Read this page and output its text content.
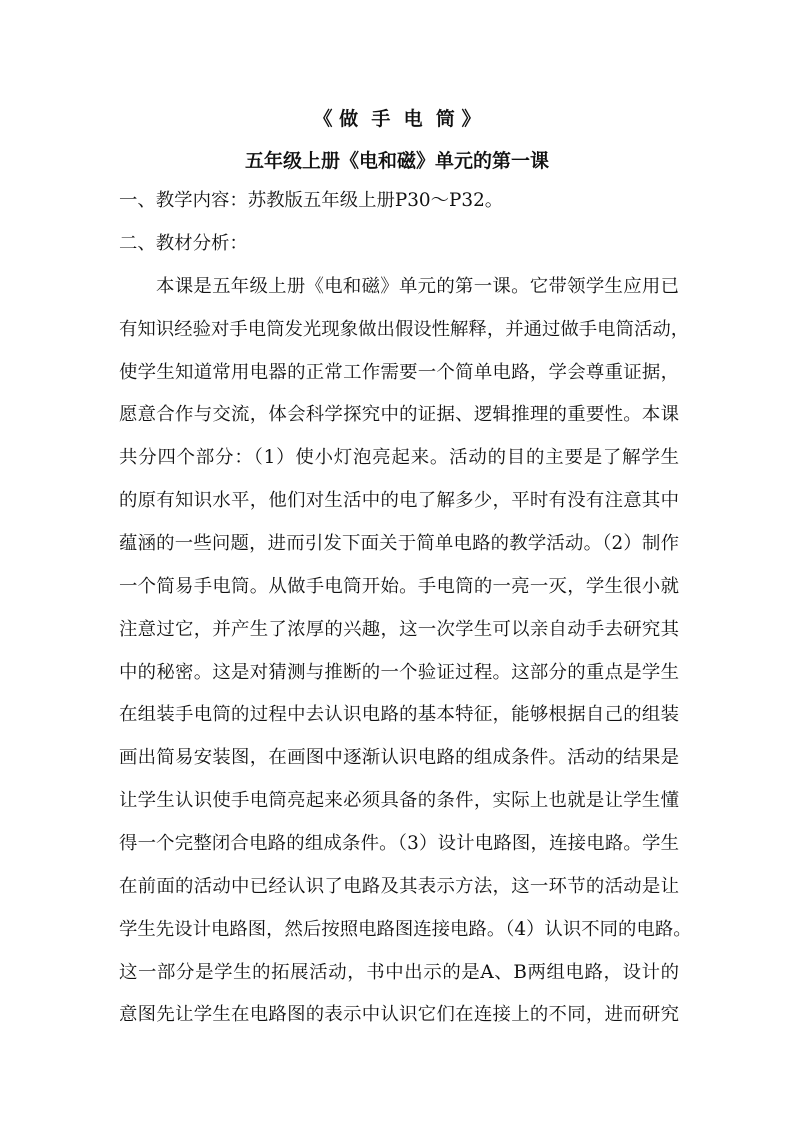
《 做  手  电  筒 》
五年级上册《电和磁》单元的第一课
一、教学内容：苏教版五年级上册P30～P32。
二、教材分析：
本课是五年级上册《电和磁》单元的第一课。它带领学生应用已
有知识经验对手电筒发光现象做出假设性解释，并通过做手电筒活动，
使学生知道常用电器的正常工作需要一个简单电路，学会尊重证据，
愿意合作与交流，体会科学探究中的证据、逻辑推理的重要性。本课
共分四个部分：（1）使小灯泡亮起来。活动的目的主要是了解学生
的原有知识水平，他们对生活中的电了解多少，平时有没有注意其中
蕴涵的一些问题，进而引发下面关于简单电路的教学活动。（2）制作
一个简易手电筒。从做手电筒开始。手电筒的一亮一灭，学生很小就
注意过它，并产生了浓厚的兴趣，这一次学生可以亲自动手去研究其
中的秘密。这是对猜测与推断的一个验证过程。这部分的重点是学生
在组装手电筒的过程中去认识电路的基本特征，能够根据自己的组装
画出简易安装图，在画图中逐渐认识电路的组成条件。活动的结果是
让学生认识使手电筒亮起来必须具备的条件，实际上也就是让学生懂
得一个完整闭合电路的组成条件。（3）设计电路图，连接电路。学生
在前面的活动中已经认识了电路及其表示方法，这一环节的活动是让
学生先设计电路图，然后按照电路图连接电路。（4）认识不同的电路。
这一部分是学生的拓展活动，书中出示的是A、B两组电路，设计的
意图先让学生在电路图的表示中认识它们在连接上的不同，进而研究
